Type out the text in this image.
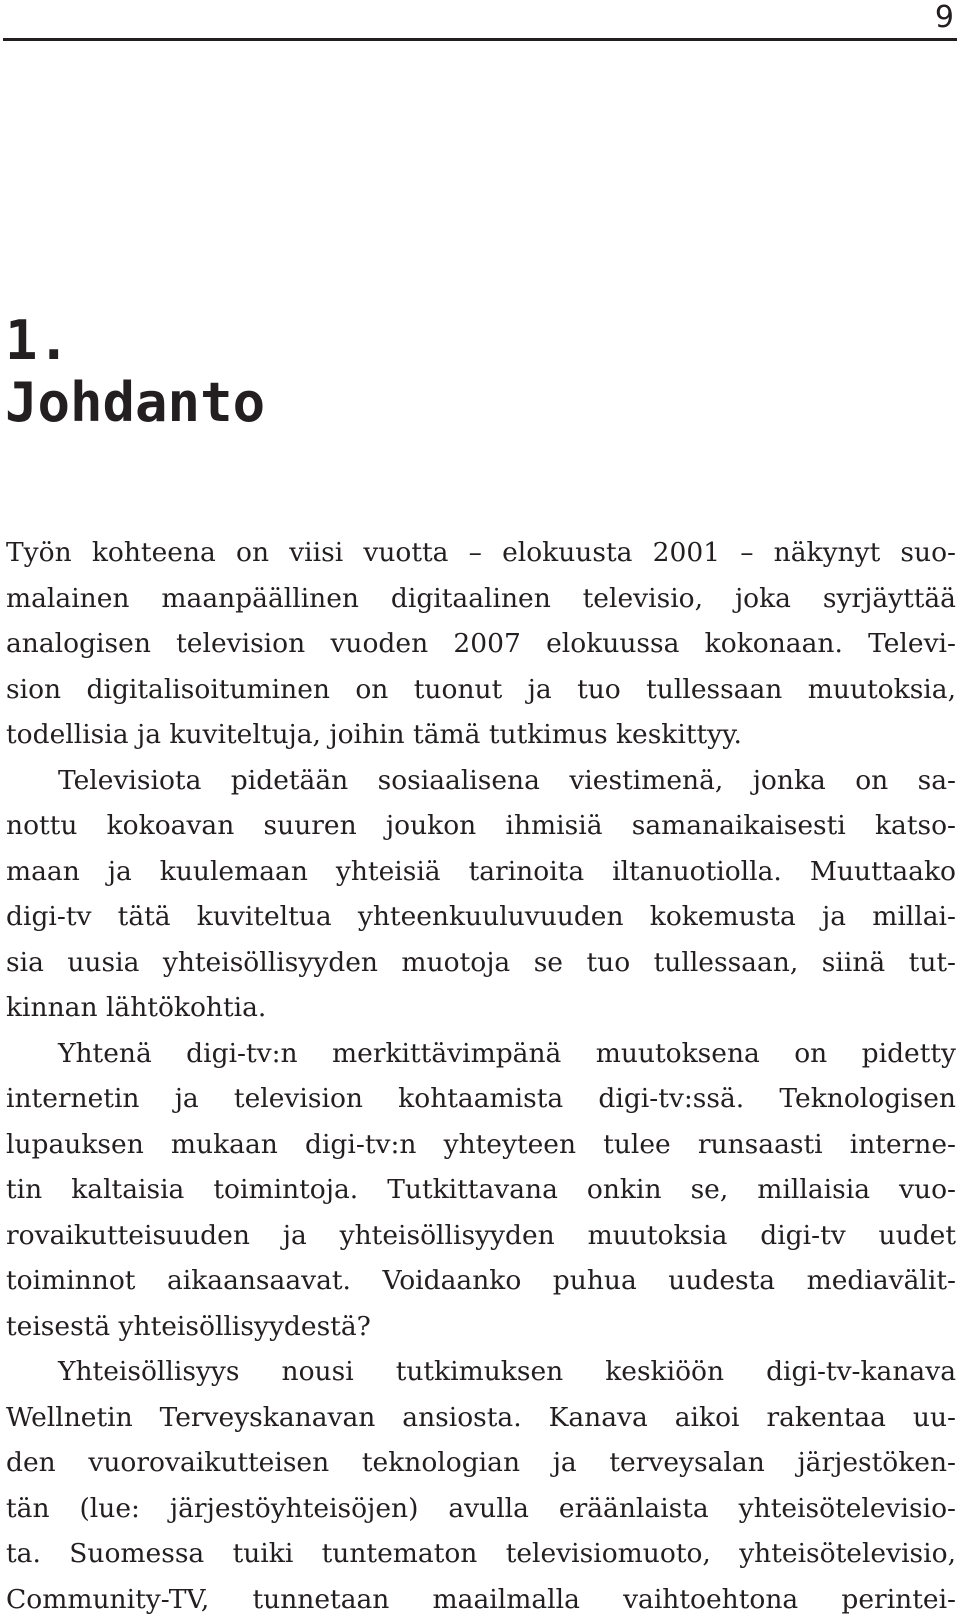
9
1.
Johdanto
Työn kohteena on viisi vuotta – elokuusta 2001 – näkynyt suo-
malainen maanpäällinen digitaalinen televisio, joka syrjäyttää
analogisen television vuoden 2007 elokuussa kokonaan. Televi-
sion digitalisoituminen on tuonut ja tuo tullessaan muutoksia,
todellisia ja kuviteltuja, joihin tämä tutkimus keskittyy.
Televisiota pidetään sosiaalisena viestimenä, jonka on sa-
nottu kokoavan suuren joukon ihmisiä samanaikaisesti katso-
maan ja kuulemaan yhteisiä tarinoita iltanuotiolla. Muuttaako
digi-tv tätä kuviteltua yhteenkuuluvuuden kokemusta ja millai-
sia uusia yhteisöllisyyden muotoja se tuo tullessaan, siinä tut-
kinnan lähtökohtia.
Yhtenä digi-tv:n merkittävimpänä muutoksena on pidetty
internetin ja television kohtaamista digi-tv:ssä. Teknologisen
lupauksen mukaan digi-tv:n yhteyteen tulee runsaasti interne-
tin kaltaisia toimintoja. Tutkittavana onkin se, millaisia vuo-
rovaikutteisuuden ja yhteisöllisyyden muutoksia digi-tv uudet
toiminnot aikaansaavat. Voidaanko puhua uudesta mediavälit-
teisestä yhteisöllisyydestä?
Yhteisöllisyys nousi tutkimuksen keskiöön digi-tv-kanava
Wellnetin Terveyskanavan ansiosta. Kanava aikoi rakentaa uu-
den vuorovaikutteisen teknologian ja terveysalan järjestöken-
tän (lue: järjestöyhteisöjen) avulla eräänlaista yhteisötelevisio-
ta. Suomessa tuiki tuntematon televisiomuoto, yhteisötelevisio,
Community-TV, tunnetaan maailmalla vaihtoehtona perintei-
